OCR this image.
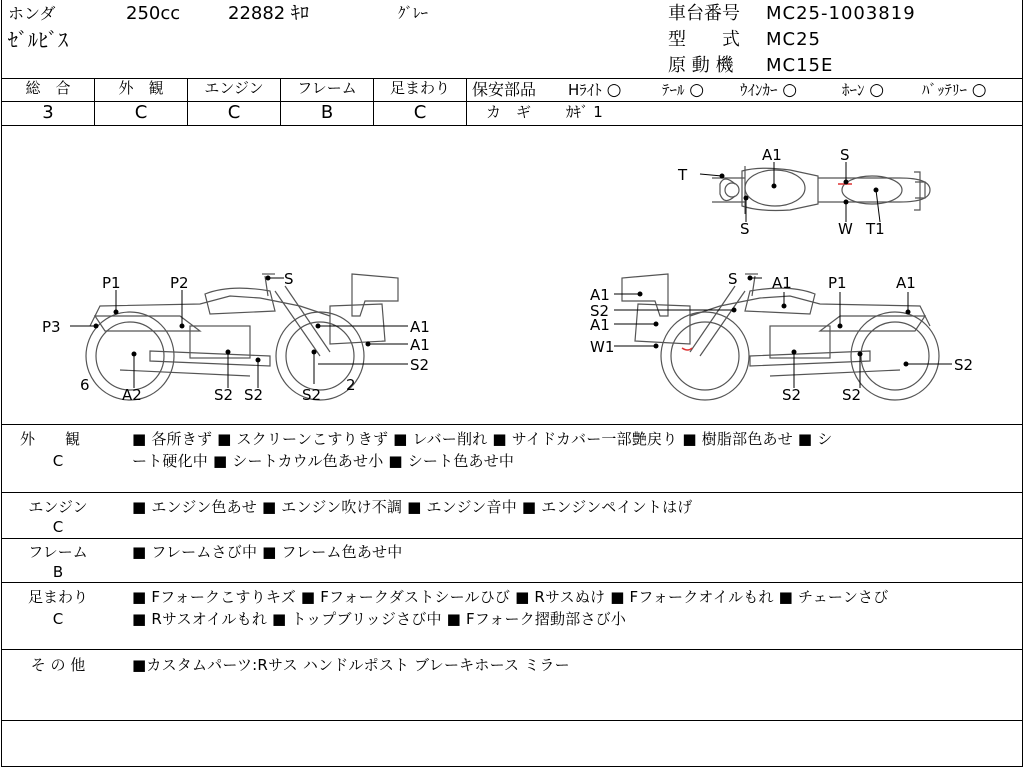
ホンダ	250cc	22882 ｷﾛ	ｸﾞﾚｰ
ｾﾞﾙﾋﾞｽ
車台番号 MC25-1003819
型　　式 MC25
原 動 機 MC15E
総　合
3
外　観
C
エンジン
C
フレーム
B
足まわり
C
保安部品 Hﾗｲﾄ ○	ﾃｰﾙ ○ ｳｲﾝｶｰ ○	ﾎｰﾝ ○	ﾊﾞｯﾃﾘｰ ○
カ　ギ ｶｷﾞ 1
A1	S
T
S	W T1
P1	P2	S
P3	A1
A1
S2
6
A2	S2 S2	S2
2
S A1 P1	A1
A1
S2
A1
W1
S2
S2	S2
外　　観
C
■ 各所きず ■ スクリーンこすりきず ■ レバー削れ ■ サイドカバー一部艶戻り ■ 樹脂部色あせ ■ シ
ート硬化中 ■ シートカウル色あせ小 ■ シート色あせ中
エンジン
C
■ エンジン色あせ ■ エンジン吹け不調 ■ エンジン音中 ■ エンジンペイントはげ
フレーム
B
■ フレームさび中 ■ フレーム色あせ中
足まわり
C
■ Fフォークこすりキズ ■ Fフォークダストシールひび ■ Rサスぬけ ■ Fフォークオイルもれ ■ チェーンさび
■ Rサスオイルもれ ■ トップブリッジさび中 ■ Fフォーク摺動部さび小
そ の 他	■カスタムパーツ:Rサス ハンドルポスト ブレーキホース ミラー
